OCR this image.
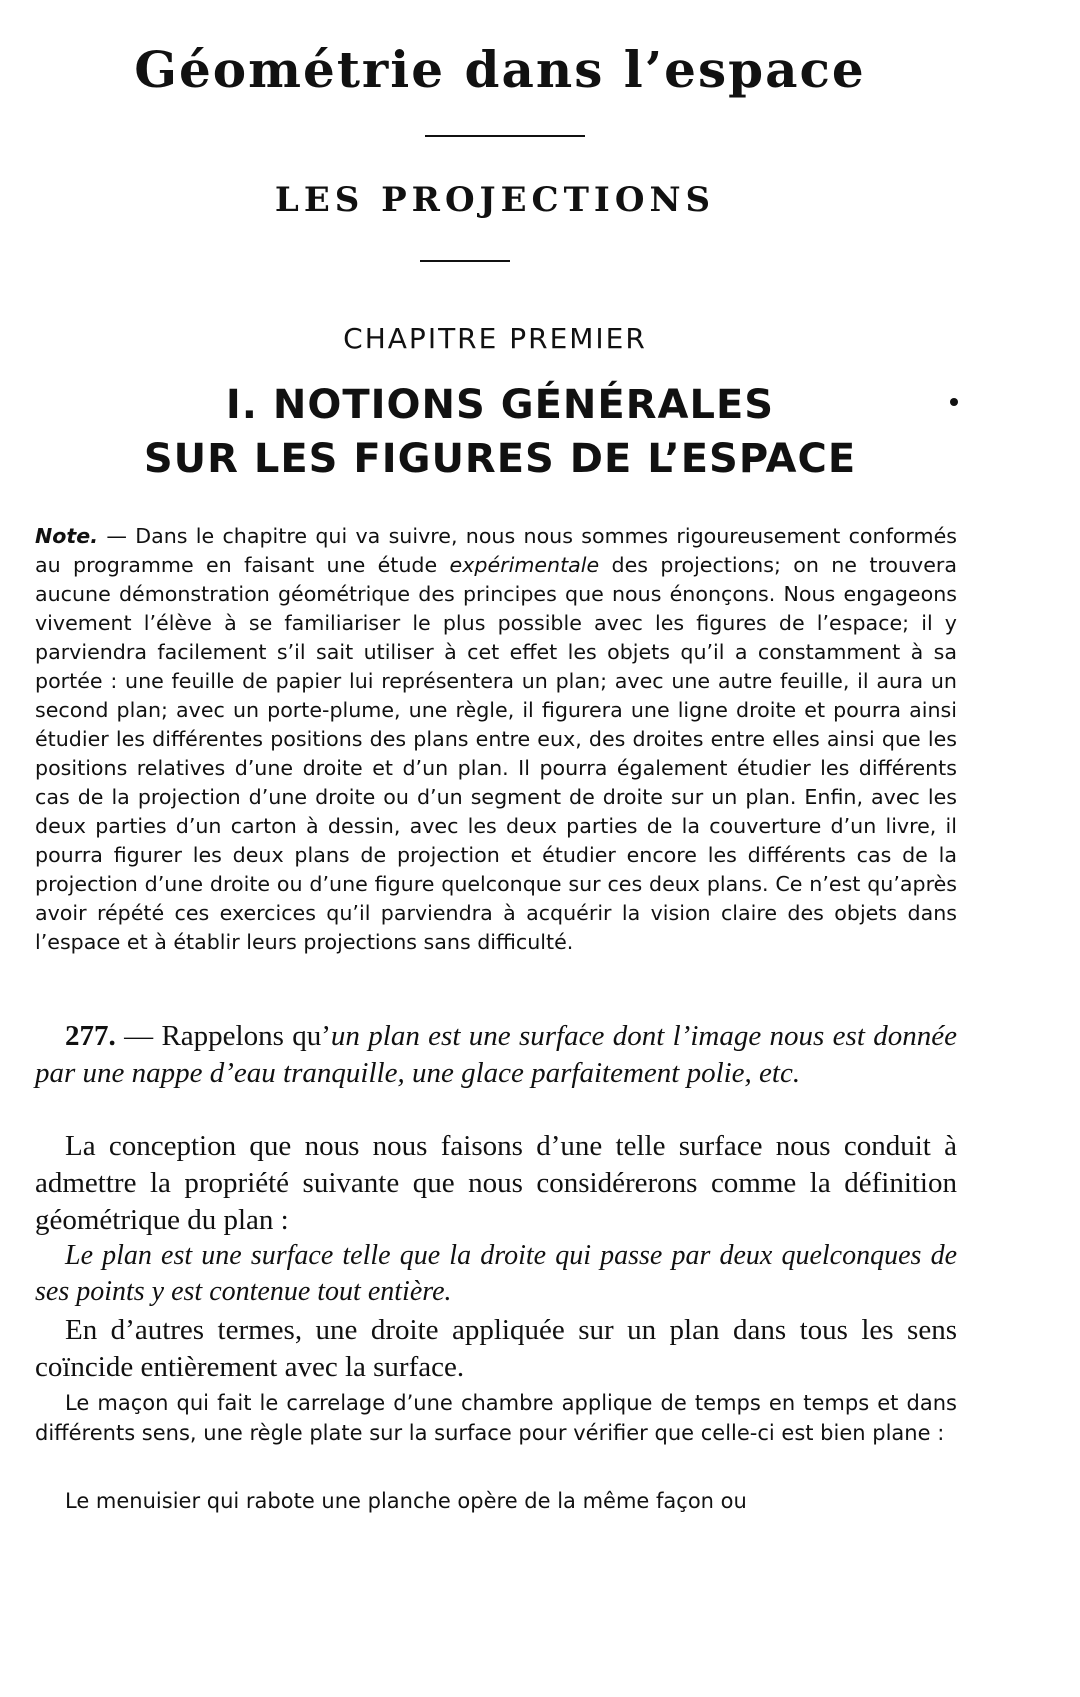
Géométrie dans l’espace
LES PROJECTIONS
CHAPITRE PREMIER
I. NOTIONS GÉNÉRALES
SUR LES FIGURES DE L’ESPACE
Note. — Dans le chapitre qui va suivre, nous nous sommes rigoureusement conformés au programme en faisant une étude expérimentale des projections; on ne trouvera aucune démonstration géométrique des principes que nous énonçons. Nous engageons vivement l’élève à se familiariser le plus possible avec les figures de l’espace; il y parviendra facilement s’il sait utiliser à cet effet les objets qu’il a constamment à sa portée : une feuille de papier lui représentera un plan; avec une autre feuille, il aura un second plan; avec un porte-plume, une règle, il figurera une ligne droite et pourra ainsi étudier les différentes positions des plans entre eux, des droites entre elles ainsi que les positions relatives d’une droite et d’un plan. Il pourra également étudier les différents cas de la projection d’une droite ou d’un segment de droite sur un plan. Enfin, avec les deux parties d’un carton à dessin, avec les deux parties de la couverture d’un livre, il pourra figurer les deux plans de projection et étudier encore les différents cas de la projection d’une droite ou d’une figure quelconque sur ces deux plans. Ce n’est qu’après avoir répété ces exercices qu’il parviendra à acquérir la vision claire des objets dans l’espace et à établir leurs projections sans difficulté.
277. — Rappelons qu’un plan est une surface dont l’image nous est donnée par une nappe d’eau tranquille, une glace parfaitement polie, etc.
La conception que nous nous faisons d’une telle surface nous conduit à admettre la propriété suivante que nous considérerons comme la définition géométrique du plan :
Le plan est une surface telle que la droite qui passe par deux quelconques de ses points y est contenue tout entière.
En d’autres termes, une droite appliquée sur un plan dans tous les sens coïncide entièrement avec la surface.
Le maçon qui fait le carrelage d’une chambre applique de temps en temps et dans différents sens, une règle plate sur la surface pour vérifier que celle-ci est bien plane :
Le menuisier qui rabote une planche opère de la même façon ou
